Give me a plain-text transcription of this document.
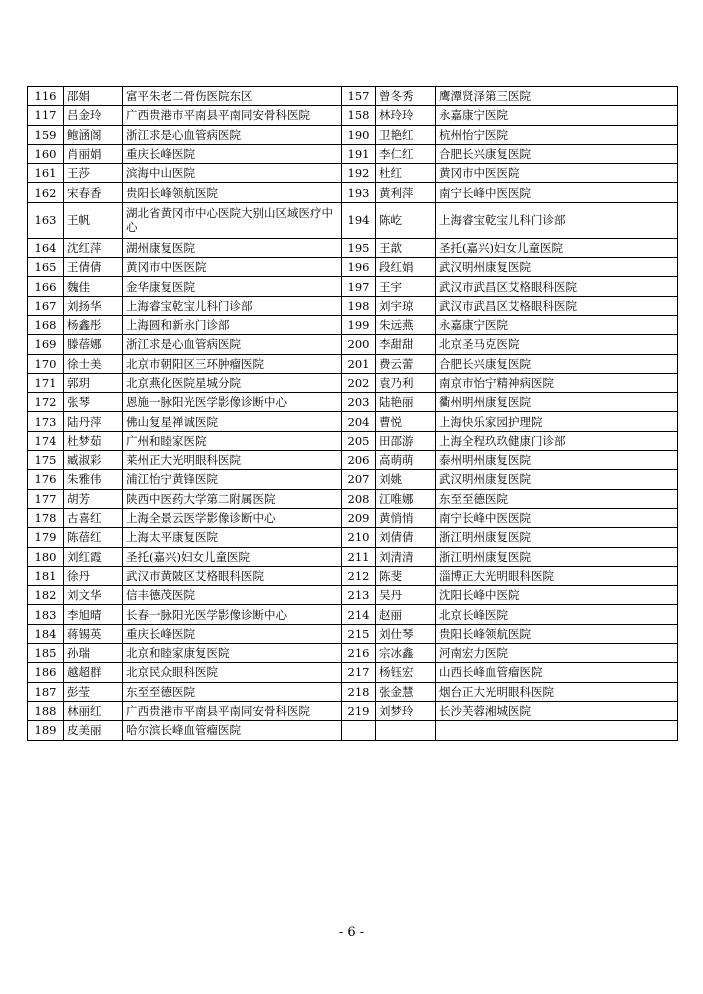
116	邵娟	富平朱老二骨伤医院东区	157	曾冬秀	鹰潭贤泽第三医院
117	吕金玲	广西贵港市平南县平南同安骨科医院	158	林玲玲	永嘉康宁医院
159	鲍涵阁	浙江求是心血管病医院	190	卫艳红	杭州怡宁医院
160	肖丽娟	重庆长峰医院	191	李仁红	合肥长兴康复医院
161	王莎	滨海中山医院	192	杜红	黄冈市中医医院
162	宋春香	贵阳长峰领航医院	193	黄利萍	南宁长峰中医医院
163	王帆	湖北省黄冈市中心医院大别山区域医疗中心	194	陈屹	上海睿宝乾宝儿科门诊部
164	沈红萍	湖州康复医院	195	王歆	圣托(嘉兴)妇女儿童医院
165	王倩倩	黄冈市中医医院	196	段红娟	武汉明州康复医院
166	魏佳	金华康复医院	197	王宇	武汉市武昌区艾格眼科医院
167	刘扬华	上海睿宝乾宝儿科门诊部	198	刘宇琼	武汉市武昌区艾格眼科医院
168	杨鑫彤	上海圆和新永门诊部	199	朱远燕	永嘉康宁医院
169	滕蓓娜	浙江求是心血管病医院	200	李甜甜	北京圣马克医院
170	徐士美	北京市朝阳区三环肿瘤医院	201	费云蕾	合肥长兴康复医院
171	郭玥	北京燕化医院星城分院	202	袁乃利	南京市怡宁精神病医院
172	张琴	恩施一脉阳光医学影像诊断中心	203	陆艳丽	衢州明州康复医院
173	陆丹萍	佛山复星禅诚医院	204	曹悦	上海快乐家园护理院
174	杜梦茹	广州和睦家医院	205	田邵游	上海全程玖玖健康门诊部
175	臧淑彩	莱州正大光明眼科医院	206	高萌萌	泰州明州康复医院
176	朱雅伟	浦江怡宁黄锋医院	207	刘姚	武汉明州康复医院
177	胡芳	陕西中医药大学第二附属医院	208	江唯娜	东至至德医院
178	古喜红	上海全景云医学影像诊断中心	209	黄悄悄	南宁长峰中医医院
179	陈蓓红	上海太平康复医院	210	刘倩倩	浙江明州康复医院
180	刘红霞	圣托(嘉兴)妇女儿童医院	211	刘清清	浙江明州康复医院
181	徐丹	武汉市黄陂区艾格眼科医院	212	陈斐	淄博正大光明眼科医院
182	刘文华	信丰德茂医院	213	吴丹	沈阳长峰中医院
183	李旭晴	长春一脉阳光医学影像诊断中心	214	赵丽	北京长峰医院
184	蒋锡英	重庆长峰医院	215	刘仕琴	贵阳长峰领航医院
185	孙瑞	北京和睦家康复医院	216	宗冰鑫	河南宏力医院
186	越超群	北京民众眼科医院	217	杨钰宏	山西长峰血管瘤医院
187	彭莹	东至至德医院	218	张金慧	烟台正大光明眼科医院
188	林丽红	广西贵港市平南县平南同安骨科医院	219	刘梦玲	长沙芙蓉湘城医院
189	皮美丽	哈尔滨长峰血管瘤医院			
- 6 -
